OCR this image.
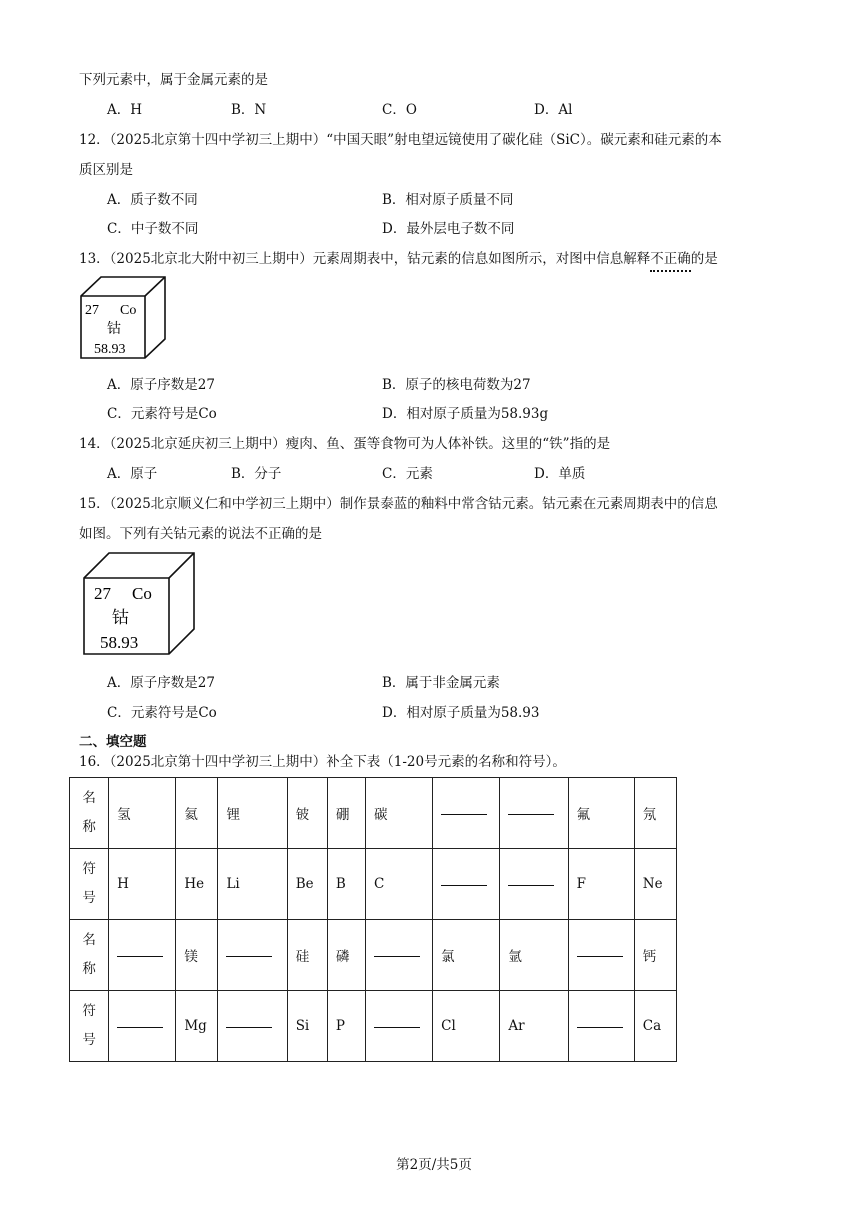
下列元素中，属于金属元素的是
A．H	B．N	C．O	D．Al
12．（2025北京第十四中学初三上期中）“中国天眼”射电望远镜使用了碳化硅（SiC）。碳元素和硅元素的本
质区别是
A．质子数不同	B．相对原子质量不同
C．中子数不同	D．最外层电子数不同
13．（2025北京北大附中初三上期中）元素周期表中，钴元素的信息如图所示，对图中信息解释不正确的是
27 Co
钴
58.93
A．原子序数是27	B．原子的核电荷数为27
C．元素符号是Co	D．相对原子质量为58.93g
14．（2025北京延庆初三上期中）瘦肉、鱼、蛋等食物可为人体补铁。这里的“铁”指的是
A．原子	B．分子	C．元素	D．单质
15．（2025北京顺义仁和中学初三上期中）制作景泰蓝的釉料中常含钴元素。钴元素在元素周期表中的信息
如图。下列有关钴元素的说法不正确的是
27 Co
钴
58.93
A．原子序数是27	B．属于非金属元素
C．元素符号是Co	D．相对原子质量为58.93
二、填空题
16．（2025北京第十四中学初三上期中）补全下表（1-20号元素的名称和符号）。
名
称	氢	氦	锂	铍	硼	碳			氟	氖

符
号	H	He	Li	Be	B	C			F	Ne

名
称		镁		硅	磷		氯	氩		钙

符
号		Mg		Si	P		Cl	Ar		Ca
第2页/共5页
